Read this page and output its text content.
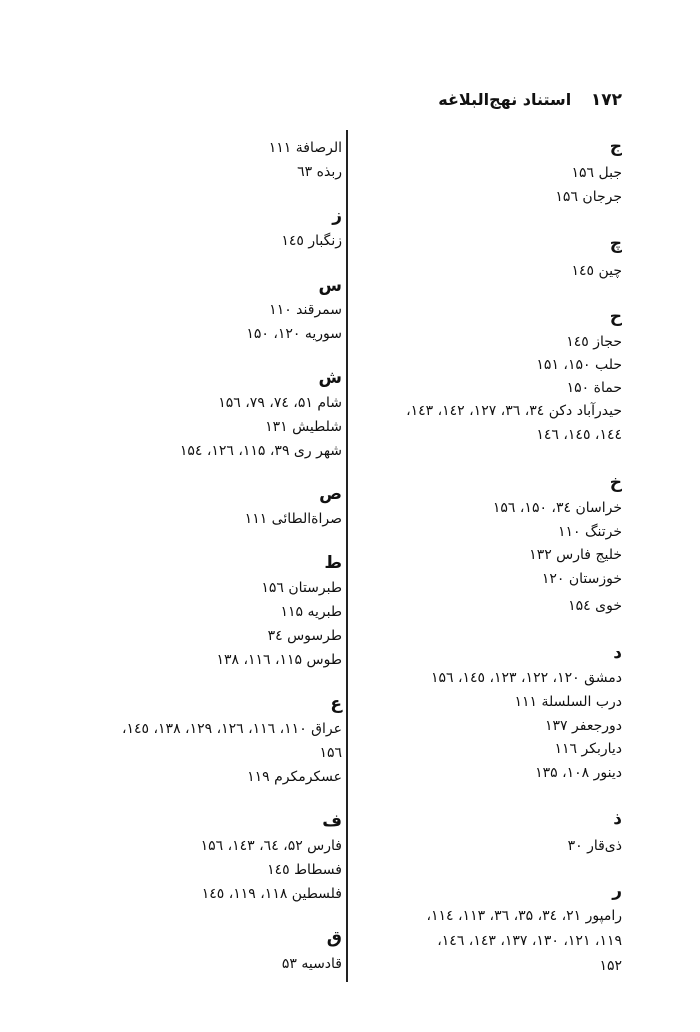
۱۷۲ استناد نهج‌البلاغه
ج
جبل ۱۵٦
جرجان ۱۵٦
چ
چين ۱٤٥
ح
حجاز ۱٤٥
حلب ۱۵۰، ۱۵۱
حماة ۱۵۰
حيدرآباد دكن ۳٤، ۳٦، ۱۲۷، ۱٤۲، ۱٤۳،
۱٤٤، ۱٤٥، ۱٤٦
خ
خراسان ۳٤، ۱۵۰، ۱۵٦
خرتنگ ۱۱۰
خليج فارس ۱۳۲
خوزستان ۱۲۰
خوى ۱۵٤
د
دمشق ۱۲۰، ۱۲۲، ۱۲۳، ۱٤٥، ۱۵٦
درب السلسلة ۱۱۱
دورجعفر ۱۳۷
دياربكر ۱۱٦
دينور ۱۰۸، ۱۳۵
ذ
ذى‌قار ۳۰
ر
رامپور ۲۱، ۳٤، ۳۵، ۳٦، ۱۱۳، ۱۱٤،
۱۱۹، ۱۲۱، ۱۳۰، ۱۳۷، ۱٤۳، ۱٤٦،
۱۵۲
الرصافة ۱۱۱
ربذه ٦۳
ز
زنگبار ۱٤٥
س
سمرقند ۱۱۰
سوريه ۱۲۰، ۱۵۰
ش
شام ۵۱، ۷٤، ۷۹، ۱۵٦
شلطيش ۱۳۱
شهر رى ۳۹، ۱۱۵، ۱۲٦، ۱۵٤
ص
صراة‌الطائى ۱۱۱
ط
طبرستان ۱۵٦
طبريه ۱۱۵
طرسوس ۳٤
طوس ۱۱۵، ۱۱٦، ۱۳۸
ع
عراق ۱۱۰، ۱۱٦، ۱۲٦، ۱۲۹، ۱۳۸، ۱٤٥،
۱۵٦
عسكرمكرم ۱۱۹
ف
فارس ۵۲، ٦٤، ۱٤۳، ۱۵٦
فسطاط ۱٤٥
فلسطين ۱۱۸، ۱۱۹، ۱٤٥
ق
قادسيه ۵۳
